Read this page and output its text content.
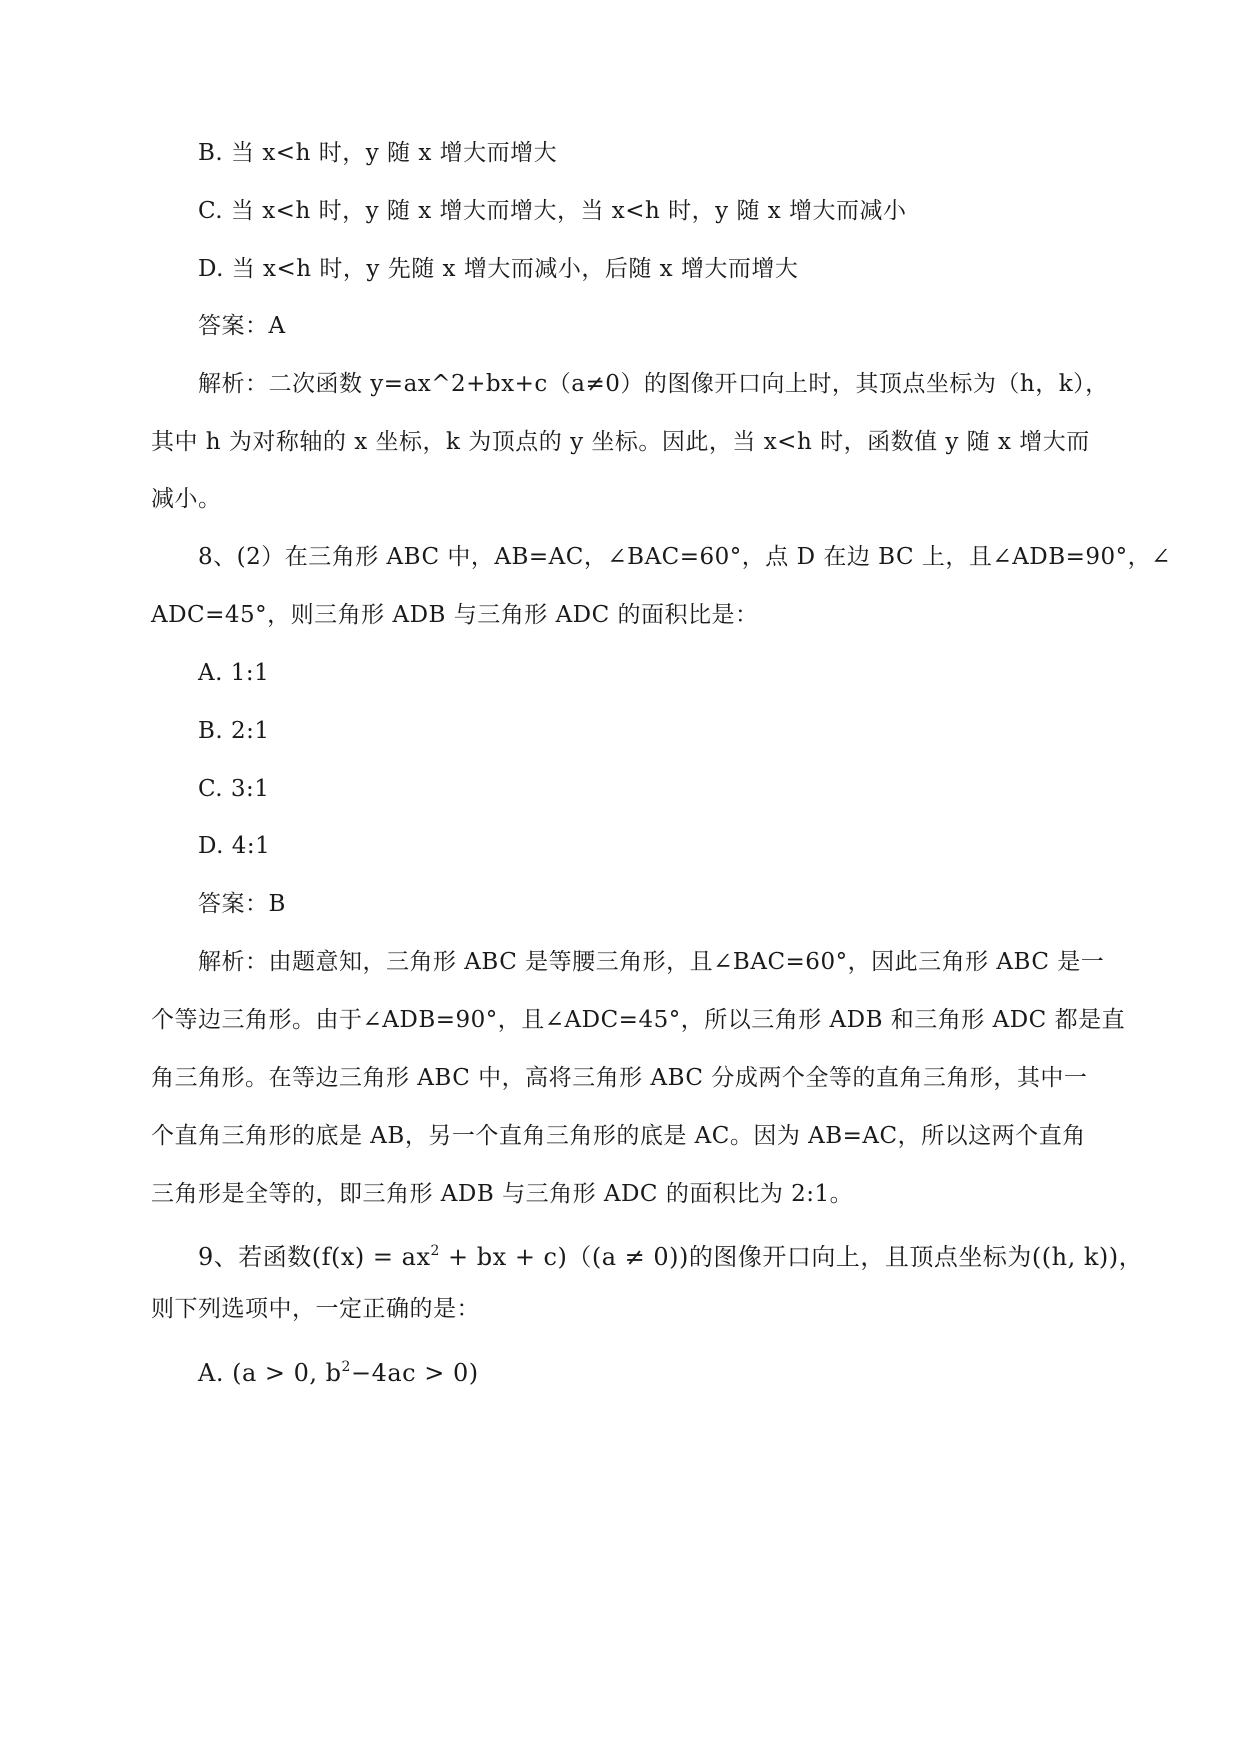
B. 当 x<h 时，y 随 x 增大而增大
C. 当 x<h 时，y 随 x 增大而增大，当 x<h 时，y 随 x 增大而减小
D. 当 x<h 时，y 先随 x 增大而减小，后随 x 增大而增大
答案：A
解析：二次函数 y=ax^2+bx+c（a≠0）的图像开口向上时，其顶点坐标为（h，k），
其中 h 为对称轴的 x 坐标，k 为顶点的 y 坐标。因此，当 x<h 时，函数值 y 随 x 增大而
减小。
8、(2）在三角形 ABC 中，AB=AC，∠BAC=60°，点 D 在边 BC 上，且∠ADB=90°，∠
ADC=45°，则三角形 ADB 与三角形 ADC 的面积比是：
A. 1:1
B. 2:1
C. 3:1
D. 4:1
答案：B
解析：由题意知，三角形 ABC 是等腰三角形，且∠BAC=60°，因此三角形 ABC 是一
个等边三角形。由于∠ADB=90°，且∠ADC=45°，所以三角形 ADB 和三角形 ADC 都是直
角三角形。在等边三角形 ABC 中，高将三角形 ABC 分成两个全等的直角三角形，其中一
个直角三角形的底是 AB，另一个直角三角形的底是 AC。因为 AB=AC，所以这两个直角
三角形是全等的，即三角形 ADB 与三角形 ADC 的面积比为 2:1。
9、若函数($f(x) = ax^2$ + bx + c)（(a ≠ 0))的图像开口向上，且顶点坐标为((h, k))，
则下列选项中，一定正确的是：
A. (a > 0, $b^2-4ac > 0$)
